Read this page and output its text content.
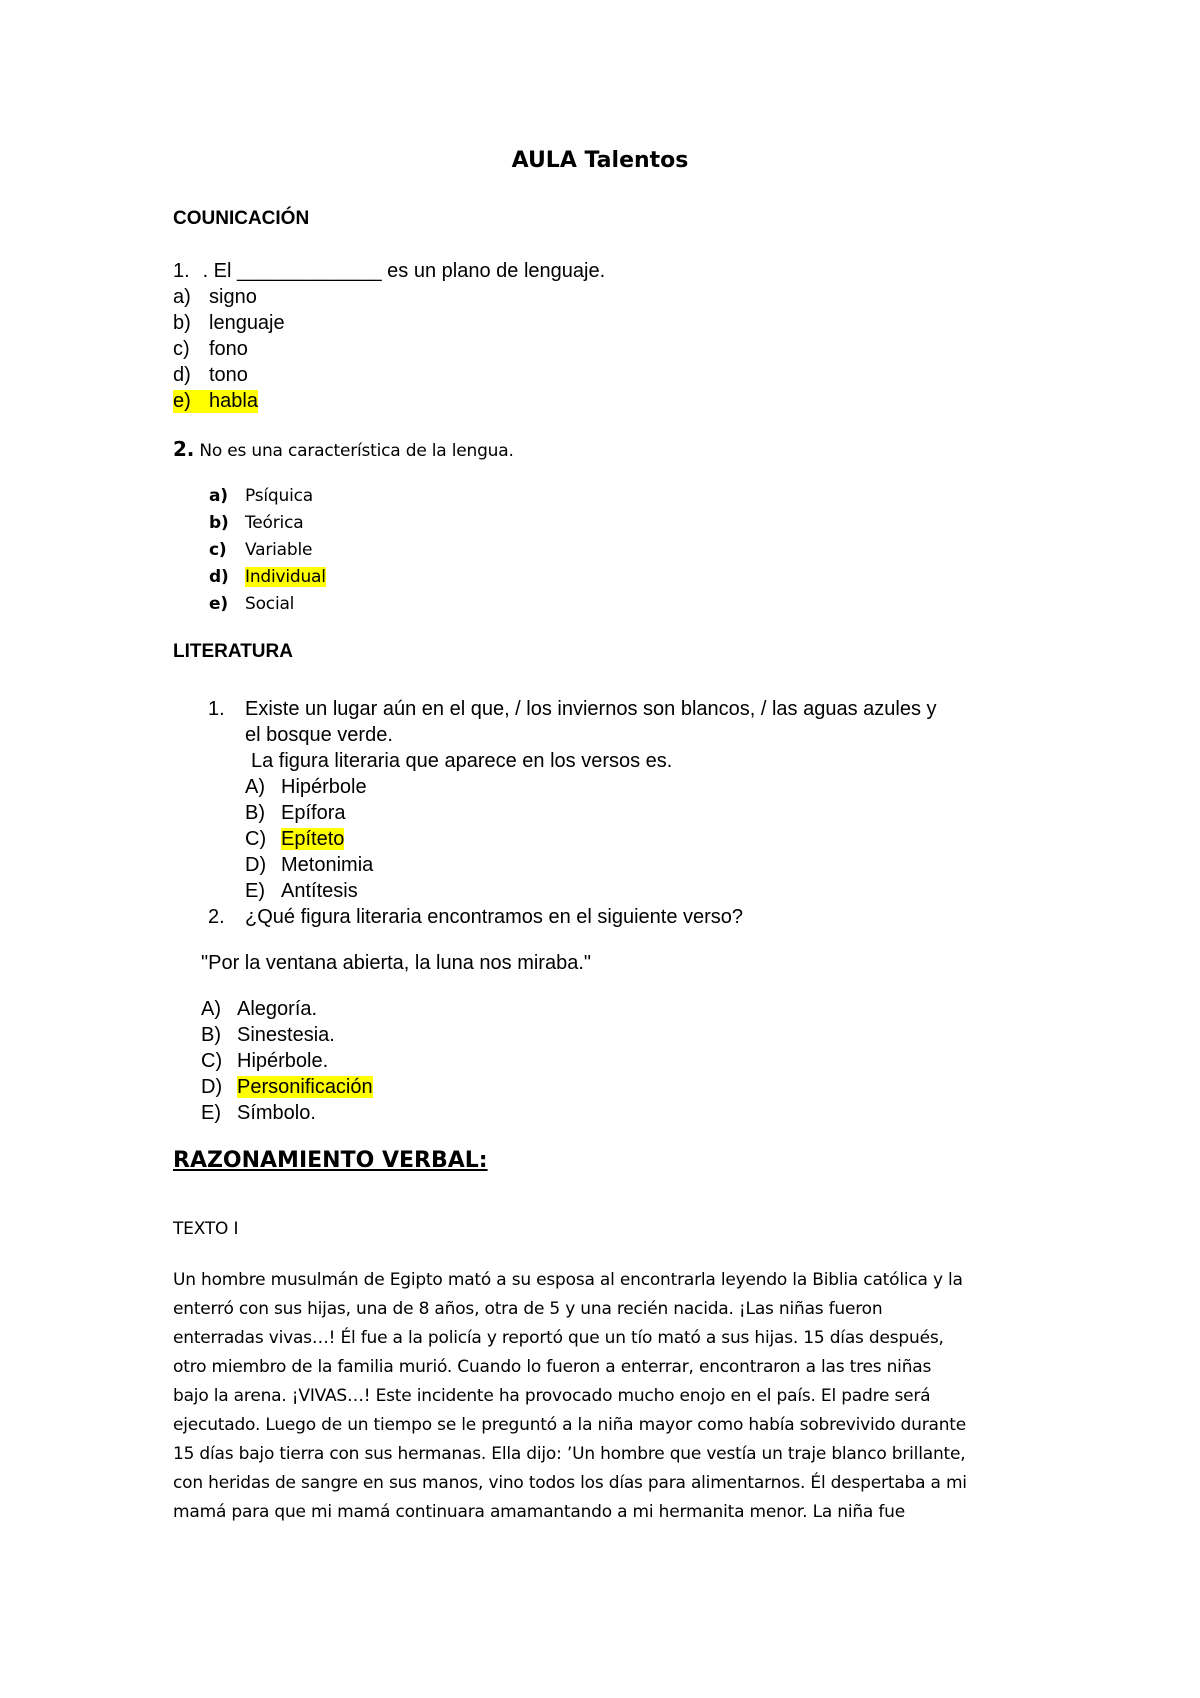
AULA Talentos
COUNICACIÓN
1. . El _____________ es un plano de lenguaje.
a) signo
b) lenguaje
c) fono
d) tono
e) habla
2. No es una característica de la lengua.
a) Psíquica
b) Teórica
c) Variable
d) Individual
e) Social
LITERATURA
1. Existe un lugar aún en el que, / los inviernos son blancos, / las aguas azules y
el bosque verde.
La figura literaria que aparece en los versos es.
A) Hipérbole
B) Epífora
C) Epíteto
D) Metonimia
E) Antítesis
2. ¿Qué figura literaria encontramos en el siguiente verso?
"Por la ventana abierta, la luna nos miraba."
A) Alegoría.
B) Sinestesia.
C) Hipérbole.
D) Personificación
E) Símbolo.
RAZONAMIENTO VERBAL:
TEXTO I

Un hombre musulmán de Egipto mató a su esposa al encontrarla leyendo la Biblia católica y la

enterró con sus hijas, una de 8 años, otra de 5 y una recién nacida. ¡Las niñas fueron

enterradas vivas…! Él fue a la policía y reportó que un tío mató a sus hijas. 15 días después,

otro miembro de la familia murió. Cuando lo fueron a enterrar, encontraron a las tres niñas

bajo la arena. ¡VIVAS…! Este incidente ha provocado mucho enojo en el país. El padre será

ejecutado. Luego de un tiempo se le preguntó a la niña mayor como había sobrevivido durante

15 días bajo tierra con sus hermanas. Ella dijo: ’Un hombre que vestía un traje blanco brillante,

con heridas de sangre en sus manos, vino todos los días para alimentarnos. Él despertaba a mi

mamá para que mi mamá continuara amamantando a mi hermanita menor. La niña fue
